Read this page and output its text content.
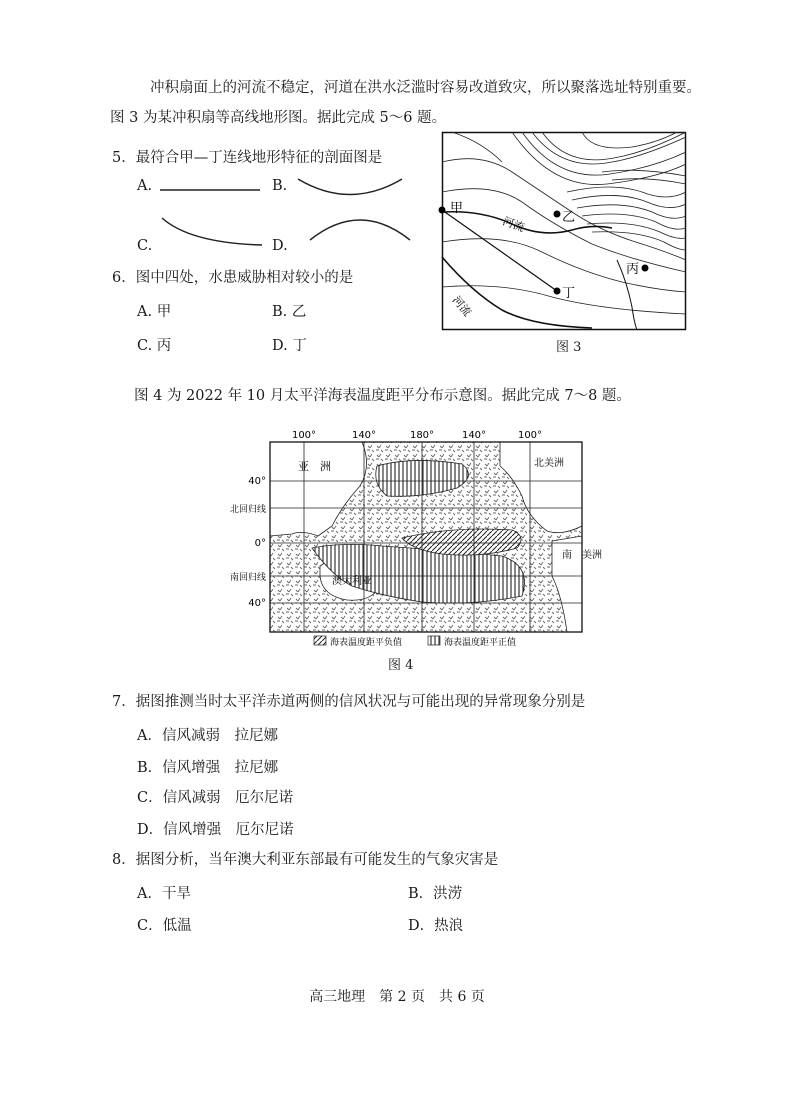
冲积扇面上的河流不稳定，河道在洪水泛滥时容易改道致灾，所以聚落选址特别重要。
图 3 为某冲积扇等高线地形图。据此完成 5～6 题。
5．最符合甲—丁连线地形特征的剖面图是
A.	B.
C.	D.
6．图中四处，水患威胁相对较小的是
A. 甲	B. 乙
C. 丙	D. 丁
甲
乙
丙
丁
河流
河流
图 3
图 4 为 2022 年 10 月太平洋海表温度距平分布示意图。据此完成 7～8 题。
100°	140°	180°	140°	100°
40°
北回归线
0°
南回归线
40°
亚　洲	北美洲
南　美洲
澳大利亚
海表温度距平负值	海表温度距平正值
图 4
7．据图推测当时太平洋赤道两侧的信风状况与可能出现的异常现象分别是
A．信风减弱　拉尼娜
B．信风增强　拉尼娜
C．信风减弱　厄尔尼诺
D．信风增强　厄尔尼诺
8．据图分析，当年澳大利亚东部最有可能发生的气象灾害是
A．干旱	B．洪涝
C．低温	D．热浪
高三地理　第 2 页　共 6 页
